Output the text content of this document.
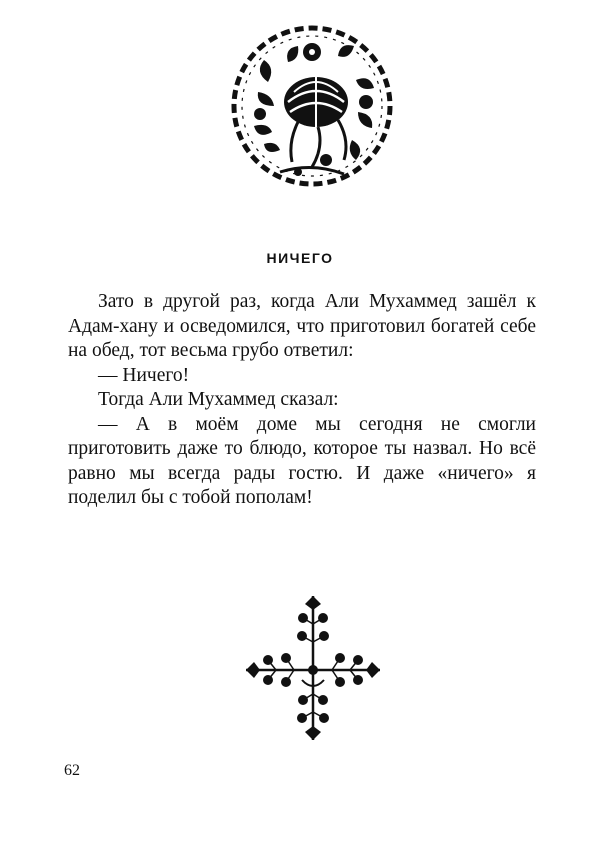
НИЧЕГО

Зато в другой раз, когда Али Мухаммед зашёл к Адам-хану и осведомился, что приготовил богатей себе на обед, тот весьма грубо ответил:

— Ничего!

Тогда Али Мухаммед сказал:

— А в моём доме мы сегодня не смогли приготовить даже то блюдо, которое ты назвал. Но всё равно мы всегда рады гостю. И даже «ничего» я поделил бы с тобой пополам!

62
